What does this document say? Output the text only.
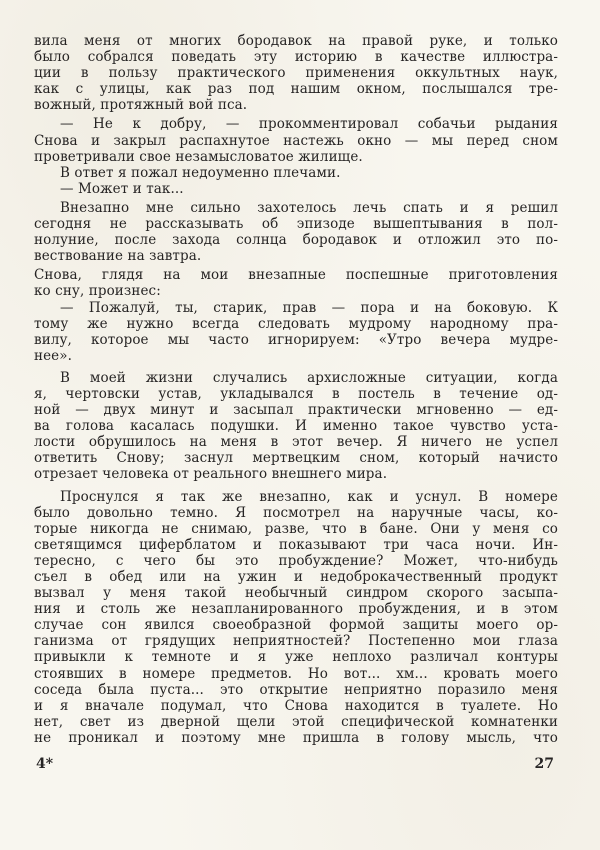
вила меня от многих бородавок на правой руке, и только
было собрался поведать эту историю в качестве иллюстра-
ции в пользу практического применения оккультных наук,
как с улицы, как раз под нашим окном, послышался тре-
вожный, протяжный вой пса.
— Не к добру, — прокомментировал собачьи рыдания
Снова и закрыл распахнутое настежь окно — мы перед сном
проветривали свое незамысловатое жилище.
В ответ я пожал недоуменно плечами.
— Может и так...
Внезапно мне сильно захотелось лечь спать и я решил
сегодня не рассказывать об эпизоде вышептывания в пол-
нолуние, после захода солнца бородавок и отложил это по-
вествование на завтра.
Снова, глядя на мои внезапные поспешные приготовления
ко сну, произнес:
— Пожалуй, ты, старик, прав — пора и на боковую. К
тому же нужно всегда следовать мудрому народному пра-
вилу, которое мы часто игнорируем: «Утро вечера мудре-
нее».
В моей жизни случались архисложные ситуации, когда
я, чертовски устав, укладывался в постель в течение од-
ной — двух минут и засыпал практически мгновенно — ед-
ва голова касалась подушки. И именно такое чувство уста-
лости обрушилось на меня в этот вечер. Я ничего не успел
ответить Снову; заснул мертвецким сном, который начисто
отрезает человека от реального внешнего мира.
Проснулся я так же внезапно, как и уснул. В номере
было довольно темно. Я посмотрел на наручные часы, ко-
торые никогда не снимаю, разве, что в бане. Они у меня со
светящимся циферблатом и показывают три часа ночи. Ин-
тересно, с чего бы это пробуждение? Может, что-нибудь
съел в обед или на ужин и недоброкачественный продукт
вызвал у меня такой необычный синдром скорого засыпа-
ния и столь же незапланированного пробуждения, и в этом
случае сон явился своеобразной формой защиты моего ор-
ганизма от грядущих неприятностей? Постепенно мои глаза
привыкли к темноте и я уже неплохо различал контуры
стоявших в номере предметов. Но вот... хм... кровать моего
соседа была пуста... это открытие неприятно поразило меня
и я вначале подумал, что Снова находится в туалете. Но
нет, свет из дверной щели этой специфической комнатенки
не проникал и поэтому мне пришла в голову мысль, что
4*	27
